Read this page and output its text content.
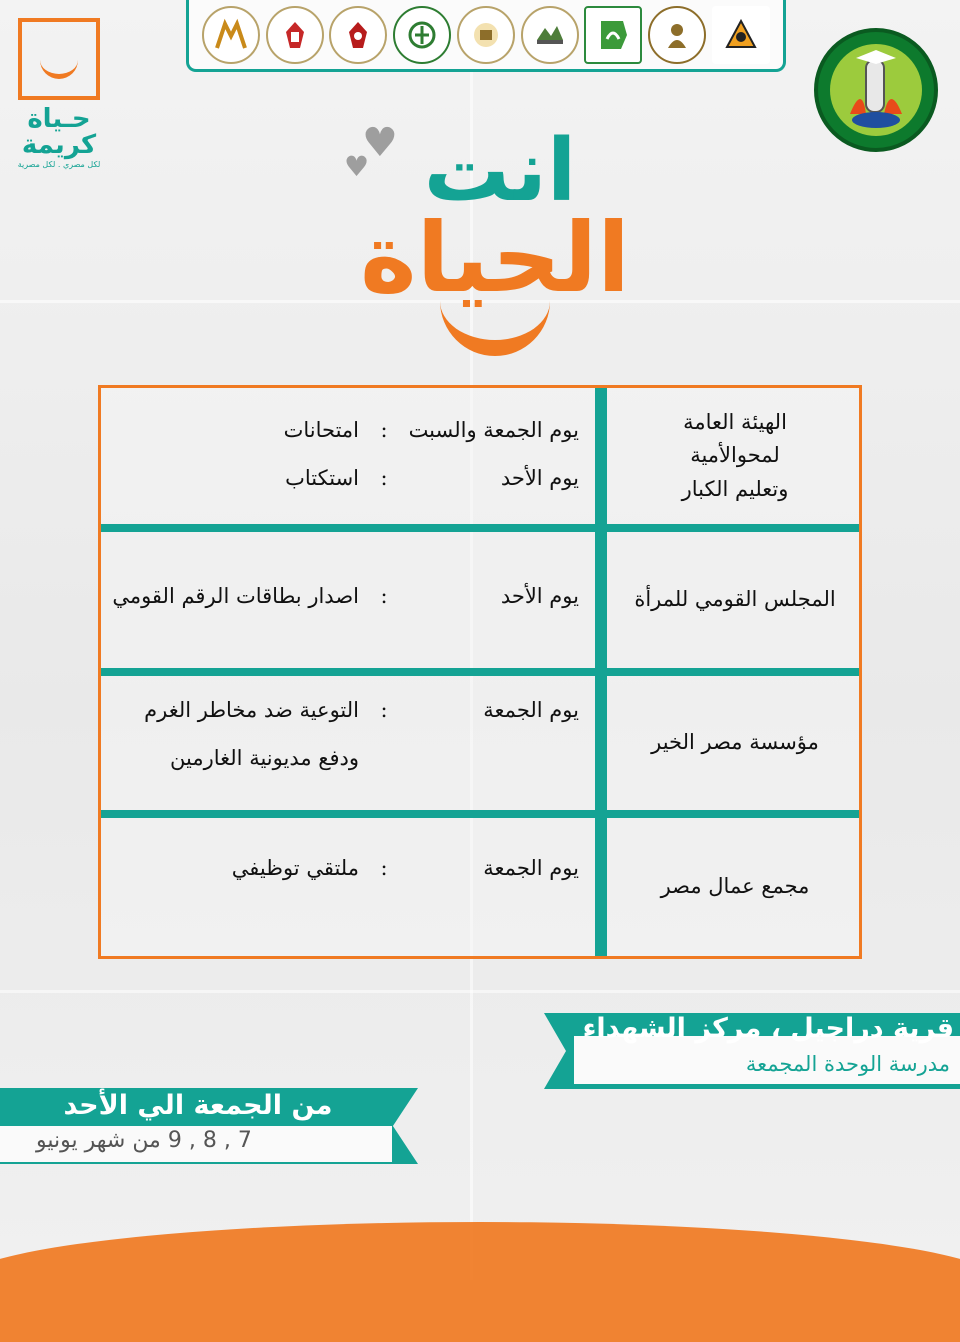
حـياة
كريمة
لكل مصري . لكل مصرية	♥
♥ انت
الحياة
الهيئة العامة
لمحوالأمية
وتعليم الكبار
يوم الجمعة والسبت
:
امتحانات
يوم الأحد
:
استكتاب
المجلس القومي للمرأة
يوم الأحد
:
اصدار بطاقات الرقم القومي
مؤسسة مصر الخير
يوم الجمعة
:
التوعية ضد مخاطر الغرم
ودفع مديونية الغارمين
مجمع عمال مصر
يوم الجمعة
:
ملتقي توظيفي
قرية دراجيل ، مركز الشهداء
مدرسة الوحدة المجمعة
من الجمعة الي الأحد
7 , 8 , 9 من شهر يونيو
